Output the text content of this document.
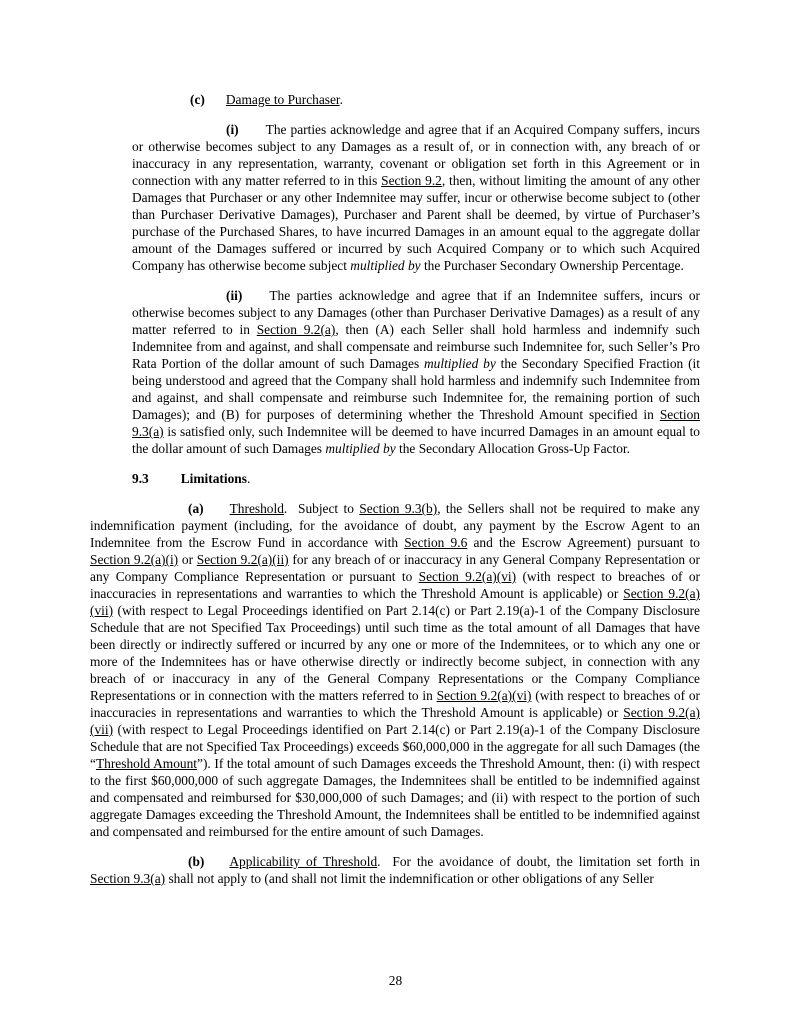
(c) Damage to Purchaser.

(i) The parties acknowledge and agree that if an Acquired Company suffers, incurs or otherwise becomes subject to any Damages as a result of, or in connection with, any breach of or inaccuracy in any representation, warranty, covenant or obligation set forth in this Agreement or in connection with any matter referred to in this Section 9.2, then, without limiting the amount of any other Damages that Purchaser or any other Indemnitee may suffer, incur or otherwise become subject to (other than Purchaser Derivative Damages), Purchaser and Parent shall be deemed, by virtue of Purchaser’s purchase of the Purchased Shares, to have incurred Damages in an amount equal to the aggregate dollar amount of the Damages suffered or incurred by such Acquired Company or to which such Acquired Company has otherwise become subject multiplied by the Purchaser Secondary Ownership Percentage.

(ii) The parties acknowledge and agree that if an Indemnitee suffers, incurs or otherwise becomes subject to any Damages (other than Purchaser Derivative Damages) as a result of any matter referred to in Section 9.2(a), then (A) each Seller shall hold harmless and indemnify such Indemnitee from and against, and shall compensate and reimburse such Indemnitee for, such Seller’s Pro Rata Portion of the dollar amount of such Damages multiplied by the Secondary Specified Fraction (it being understood and agreed that the Company shall hold harmless and indemnify such Indemnitee from and against, and shall compensate and reimburse such Indemnitee for, the remaining portion of such Damages); and (B) for purposes of determining whether the Threshold Amount specified in Section 9.3(a) is satisfied only, such Indemnitee will be deemed to have incurred Damages in an amount equal to the dollar amount of such Damages multiplied by the Secondary Allocation Gross-Up Factor.

9.3 Limitations.

(a) Threshold.  Subject to Section 9.3(b), the Sellers shall not be required to make any indemnification payment (including, for the avoidance of doubt, any payment by the Escrow Agent to an Indemnitee from the Escrow Fund in accordance with Section 9.6 and the Escrow Agreement) pursuant to Section 9.2(a)(i) or Section 9.2(a)(ii) for any breach of or inaccuracy in any General Company Representation or any Company Compliance Representation or pursuant to Section 9.2(a)(vi) (with respect to breaches of or inaccuracies in representations and warranties to which the Threshold Amount is applicable) or Section 9.2(a)(vii) (with respect to Legal Proceedings identified on Part 2.14(c) or Part 2.19(a)-1 of the Company Disclosure Schedule that are not Specified Tax Proceedings) until such time as the total amount of all Damages that have been directly or indirectly suffered or incurred by any one or more of the Indemnitees, or to which any one or more of the Indemnitees has or have otherwise directly or indirectly become subject, in connection with any breach of or inaccuracy in any of the General Company Representations or the Company Compliance Representations or in connection with the matters referred to in Section 9.2(a)(vi) (with respect to breaches of or inaccuracies in representations and warranties to which the Threshold Amount is applicable) or Section 9.2(a)(vii) (with respect to Legal Proceedings identified on Part 2.14(c) or Part 2.19(a)-1 of the Company Disclosure Schedule that are not Specified Tax Proceedings) exceeds $60,000,000 in the aggregate for all such Damages (the “Threshold Amount”). If the total amount of such Damages exceeds the Threshold Amount, then: (i) with respect to the first $60,000,000 of such aggregate Damages, the Indemnitees shall be entitled to be indemnified against and compensated and reimbursed for $30,000,000 of such Damages; and (ii) with respect to the portion of such aggregate Damages exceeding the Threshold Amount, the Indemnitees shall be entitled to be indemnified against and compensated and reimbursed for the entire amount of such Damages.

(b) Applicability of Threshold.  For the avoidance of doubt, the limitation set forth in Section 9.3(a) shall not apply to (and shall not limit the indemnification or other obligations of any Seller

28
